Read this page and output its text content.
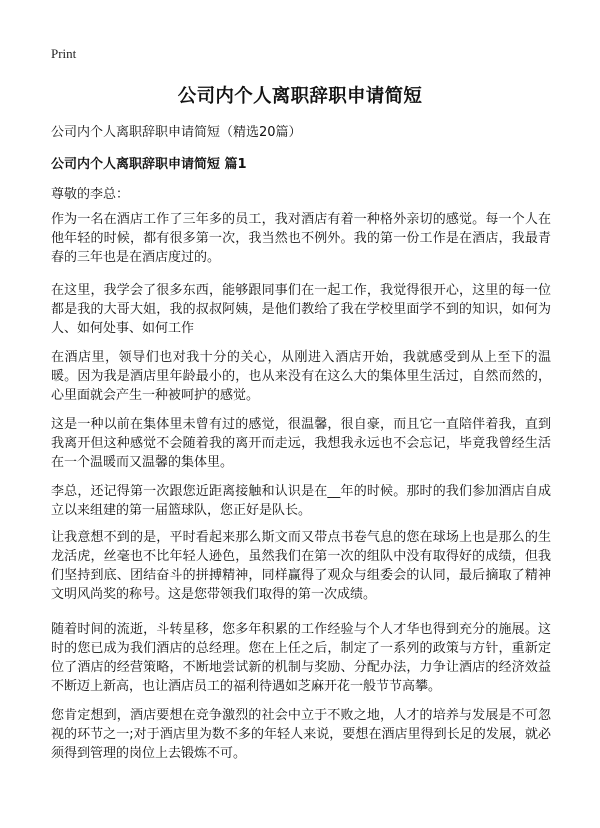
Print
公司内个人离职辞职申请简短
公司内个人离职辞职申请简短（精选20篇）
公司内个人离职辞职申请简短 篇1
尊敬的李总：

作为一名在酒店工作了三年多的员工，我对酒店有着一种格外亲切的感觉。每一个人在他年轻的时候，都有很多第一次，我当然也不例外。我的第一份工作是在酒店，我最青春的三年也是在酒店度过的。

在这里，我学会了很多东西，能够跟同事们在一起工作，我觉得很开心，这里的每一位都是我的大哥大姐，我的叔叔阿姨，是他们教给了我在学校里面学不到的知识，如何为人、如何处事、如何工作

在酒店里，领导们也对我十分的关心，从刚进入酒店开始，我就感受到从上至下的温暖。因为我是酒店里年龄最小的，也从来没有在这么大的集体里生活过，自然而然的，心里面就会产生一种被呵护的感觉。

这是一种以前在集体里未曾有过的感觉，很温馨，很自豪，而且它一直陪伴着我，直到我离开但这种感觉不会随着我的离开而走远，我想我永远也不会忘记，毕竟我曾经生活在一个温暖而又温馨的集体里。

李总，还记得第一次跟您近距离接触和认识是在__年的时候。那时的我们参加酒店自成立以来组建的第一届篮球队，您正好是队长。

让我意想不到的是，平时看起来那么斯文而又带点书卷气息的您在球场上也是那么的生龙活虎，丝毫也不比年轻人逊色，虽然我们在第一次的组队中没有取得好的成绩，但我们坚持到底、团结奋斗的拼搏精神，同样赢得了观众与组委会的认同，最后摘取了精神文明风尚奖的称号。这是您带领我们取得的第一次成绩。

随着时间的流逝，斗转星移，您多年积累的工作经验与个人才华也得到充分的施展。这时的您已成为我们酒店的总经理。您在上任之后，制定了一系列的政策与方针，重新定位了酒店的经营策略，不断地尝试新的机制与奖励、分配办法，力争让酒店的经济效益不断迈上新高，也让酒店员工的福利待遇如芝麻开花一般节节高攀。

您肯定想到，酒店要想在竞争激烈的社会中立于不败之地，人才的培养与发展是不可忽视的环节之一;对于酒店里为数不多的年轻人来说，要想在酒店里得到长足的发展，就必须得到管理的岗位上去锻炼不可。
